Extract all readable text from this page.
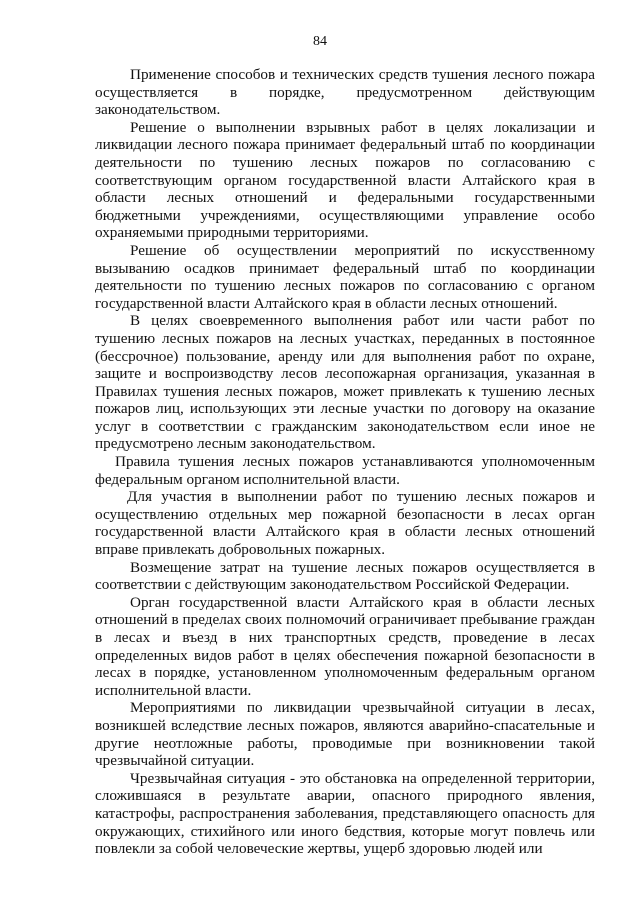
84

Применение способов и технических средств тушения лесного пожара осуществляется в порядке, предусмотренном действующим законодательством.

Решение о выполнении взрывных работ в целях локализации и ликвидации лесного пожара принимает федеральный штаб по координации деятельности по тушению лесных пожаров по согласованию с соответствующим органом государственной власти Алтайского края в области лесных отношений и федеральными государственными бюджетными учреждениями, осуществляющими управление особо охраняемыми природными территориями.

Решение об осуществлении мероприятий по искусственному вызыванию осадков принимает федеральный штаб по координации деятельности по тушению лесных пожаров по согласованию с органом государственной власти Алтайского края в области лесных отношений.

В целях своевременного выполнения работ или части работ по тушению лесных пожаров на лесных участках, переданных в постоянное (бессрочное) пользование, аренду или для выполнения работ по охране, защите и воспроизводству лесов лесопожарная организация, указанная в Правилах тушения лесных пожаров, может привлекать к тушению лесных пожаров лиц, использующих эти лесные участки по договору на оказание услуг в соответствии с гражданским законодательством если иное не предусмотрено лесным законодательством.

Правила тушения лесных пожаров устанавливаются уполномоченным федеральным органом исполнительной власти.

Для участия в выполнении работ по тушению лесных пожаров и осуществлению отдельных мер пожарной безопасности в лесах орган государственной власти Алтайского края в области лесных отношений вправе привлекать добровольных пожарных.

Возмещение затрат на тушение лесных пожаров осуществляется в соответствии с действующим законодательством Российской Федерации.

Орган государственной власти Алтайского края в области лесных отношений в пределах своих полномочий ограничивает пребывание граждан в лесах и въезд в них транспортных средств, проведение в лесах определенных видов работ в целях обеспечения пожарной безопасности в лесах в порядке, установленном уполномоченным федеральным органом исполнительной власти.

Мероприятиями по ликвидации чрезвычайной ситуации в лесах, возникшей вследствие лесных пожаров, являются аварийно-спасательные и другие неотложные работы, проводимые при возникновении такой чрезвычайной ситуации.

Чрезвычайная ситуация - это обстановка на определенной территории, сложившаяся в результате аварии, опасного природного явления, катастрофы, распространения заболевания, представляющего опасность для окружающих, стихийного или иного бедствия, которые могут повлечь или повлекли за собой человеческие жертвы, ущерб здоровью людей или
